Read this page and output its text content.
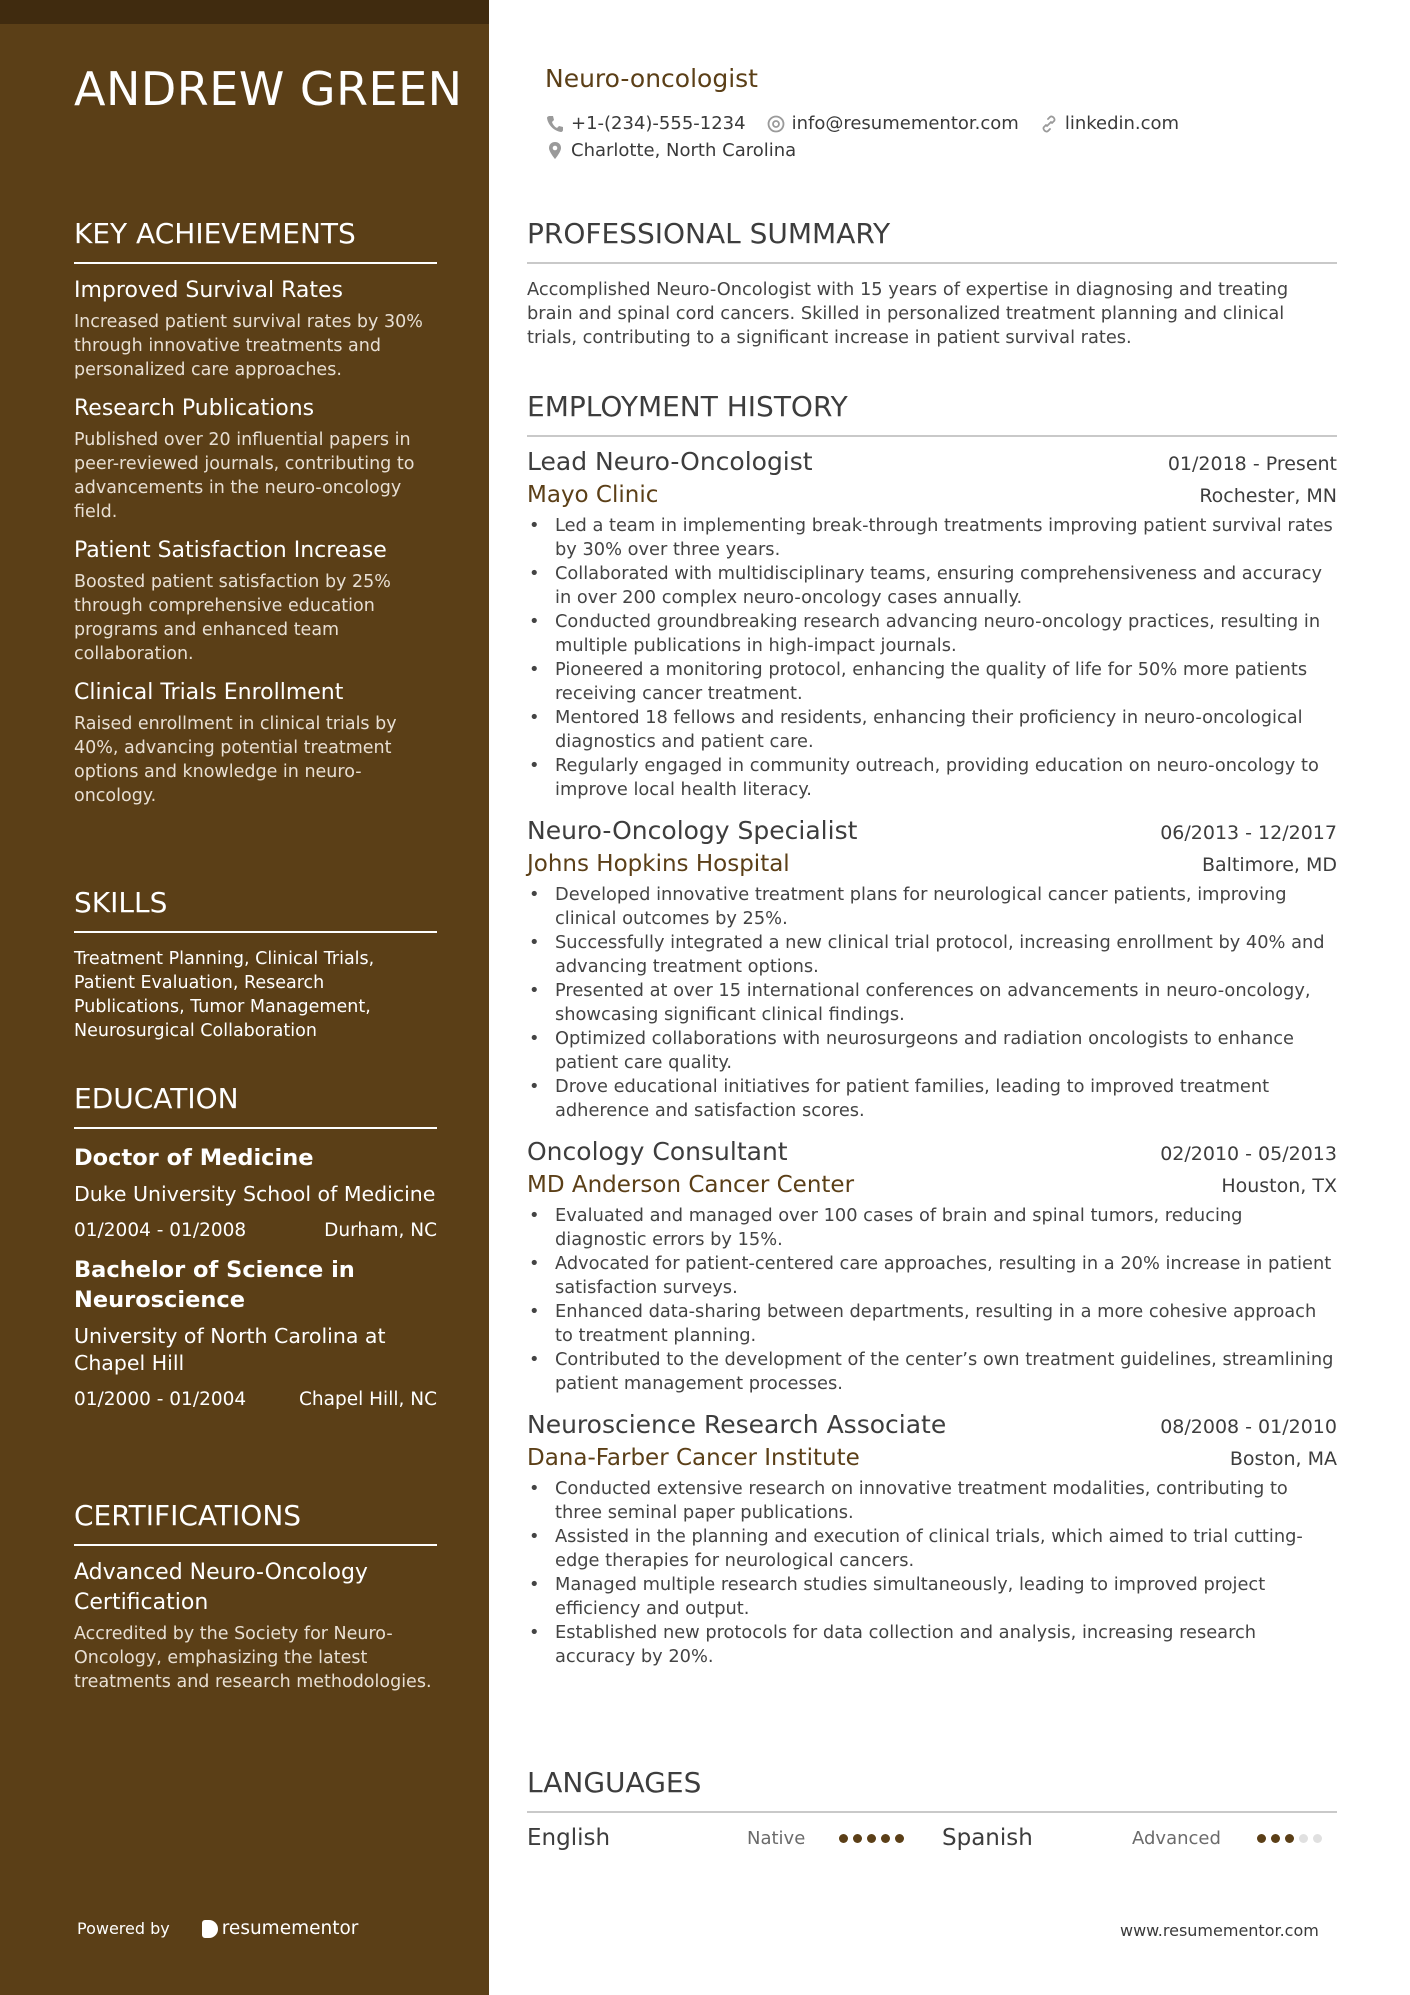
ANDREW GREEN
KEY ACHIEVEMENTS
Improved Survival Rates
Increased patient survival rates by 30% through innovative treatments and personalized care approaches.
Research Publications
Published over 20 influential papers in peer-reviewed journals, contributing to advancements in the neuro-oncology field.
Patient Satisfaction Increase
Boosted patient satisfaction by 25% through comprehensive education programs and enhanced team collaboration.
Clinical Trials Enrollment
Raised enrollment in clinical trials by 40%, advancing potential treatment options and knowledge in neuro-oncology.
SKILLS
Treatment Planning, Clinical Trials, Patient Evaluation, Research Publications, Tumor Management, Neurosurgical Collaboration
EDUCATION
Doctor of Medicine
Duke University School of Medicine
01/2004 - 01/2008	Durham, NC
Bachelor of Science in Neuroscience
University of North Carolina at Chapel Hill
01/2000 - 01/2004	Chapel Hill, NC
CERTIFICATIONS
Advanced Neuro-Oncology Certification
Accredited by the Society for Neuro-Oncology, emphasizing the latest treatments and research methodologies.
Powered by	resumementor
Neuro-oncologist
+1-(234)-555-1234	info@resumementor.com	linkedin.com
Charlotte, North Carolina
PROFESSIONAL SUMMARY
Accomplished Neuro-Oncologist with 15 years of expertise in diagnosing and treating brain and spinal cord cancers. Skilled in personalized treatment planning and clinical trials, contributing to a significant increase in patient survival rates.
EMPLOYMENT HISTORY
Lead Neuro-Oncologist	01/2018 - Present
Mayo Clinic	Rochester, MN
• Led a team in implementing break-through treatments improving patient survival rates by 30% over three years.
• Collaborated with multidisciplinary teams, ensuring comprehensiveness and accuracy in over 200 complex neuro-oncology cases annually.
• Conducted groundbreaking research advancing neuro-oncology practices, resulting in multiple publications in high-impact journals.
• Pioneered a monitoring protocol, enhancing the quality of life for 50% more patients receiving cancer treatment.
• Mentored 18 fellows and residents, enhancing their proficiency in neuro-oncological diagnostics and patient care.
• Regularly engaged in community outreach, providing education on neuro-oncology to improve local health literacy.
Neuro-Oncology Specialist	06/2013 - 12/2017
Johns Hopkins Hospital	Baltimore, MD
• Developed innovative treatment plans for neurological cancer patients, improving clinical outcomes by 25%.
• Successfully integrated a new clinical trial protocol, increasing enrollment by 40% and advancing treatment options.
• Presented at over 15 international conferences on advancements in neuro-oncology, showcasing significant clinical findings.
• Optimized collaborations with neurosurgeons and radiation oncologists to enhance patient care quality.
• Drove educational initiatives for patient families, leading to improved treatment adherence and satisfaction scores.
Oncology Consultant	02/2010 - 05/2013
MD Anderson Cancer Center	Houston, TX
• Evaluated and managed over 100 cases of brain and spinal tumors, reducing diagnostic errors by 15%.
• Advocated for patient-centered care approaches, resulting in a 20% increase in patient satisfaction surveys.
• Enhanced data-sharing between departments, resulting in a more cohesive approach to treatment planning.
• Contributed to the development of the center’s own treatment guidelines, streamlining patient management processes.
Neuroscience Research Associate	08/2008 - 01/2010
Dana-Farber Cancer Institute	Boston, MA
• Conducted extensive research on innovative treatment modalities, contributing to three seminal paper publications.
• Assisted in the planning and execution of clinical trials, which aimed to trial cutting-edge therapies for neurological cancers.
• Managed multiple research studies simultaneously, leading to improved project efficiency and output.
• Established new protocols for data collection and analysis, increasing research accuracy by 20%.
LANGUAGES
English	Native	Spanish	Advanced
www.resumementor.com
